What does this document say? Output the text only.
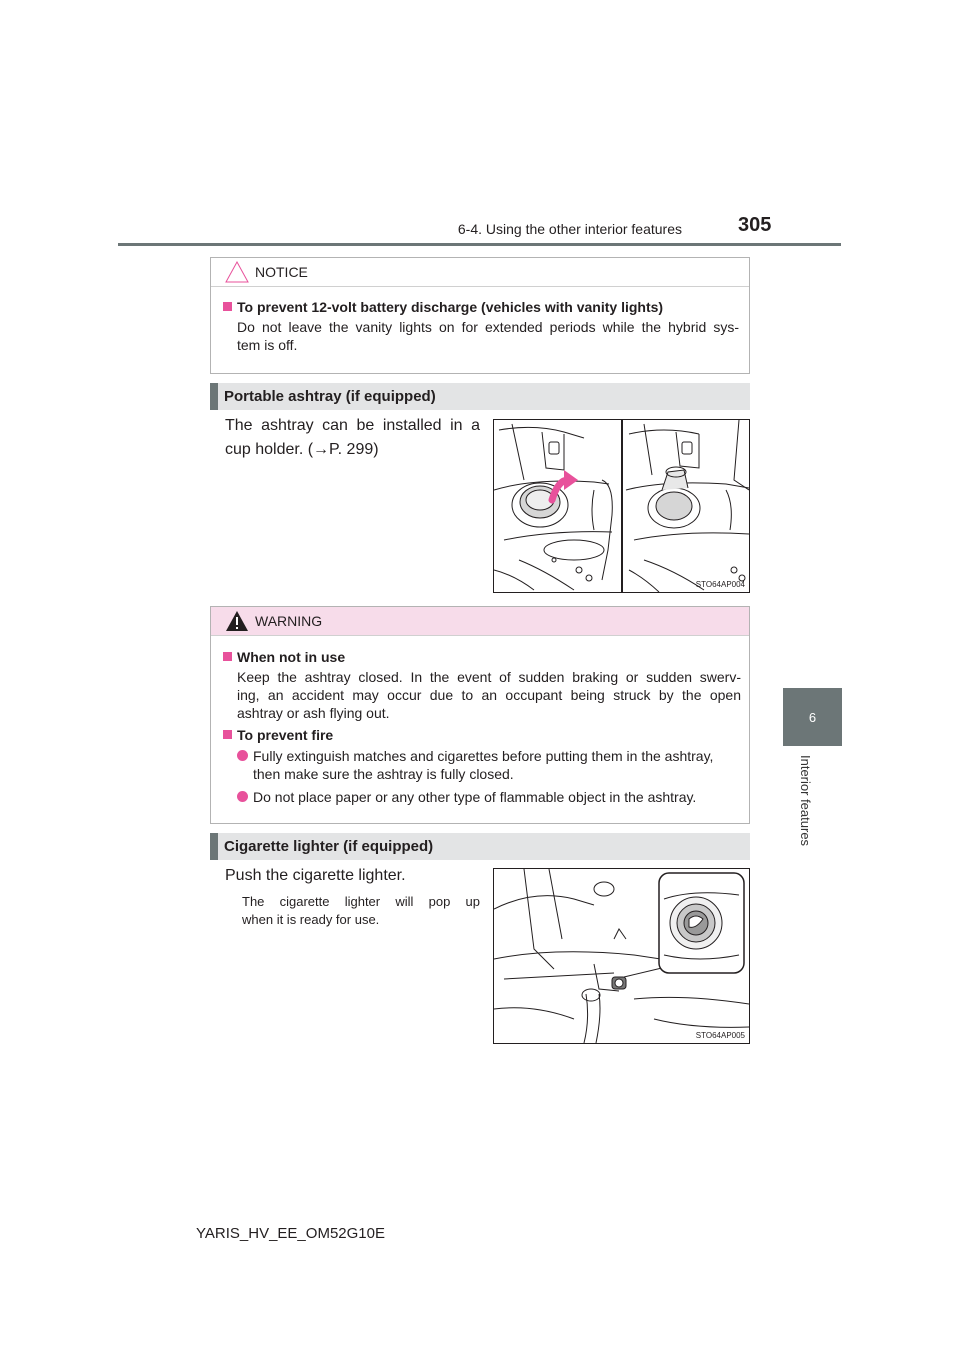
6-4. Using the other interior features	305
6
Interior features
NOTICE
To prevent 12-volt battery discharge (vehicles with vanity lights)
Do not leave the vanity lights on for extended periods while the hybrid sys-
tem is off.
Portable ashtray (if equipped)
The ashtray can be installed in a
cup holder. (→P. 299)
STO64AP004
WARNING
When not in use
Keep the ashtray closed. In the event of sudden braking or sudden swerv-
ing, an accident may occur due to an occupant being struck by the open
ashtray or ash flying out.
To prevent fire
Fully extinguish matches and cigarettes before putting them in the ashtray,
then make sure the ashtray is fully closed.
Do not place paper or any other type of flammable object in the ashtray.
Cigarette lighter (if equipped)
Push the cigarette lighter.
The cigarette lighter will pop up
when it is ready for use.
STO64AP005
YARIS_HV_EE_OM52G10E
